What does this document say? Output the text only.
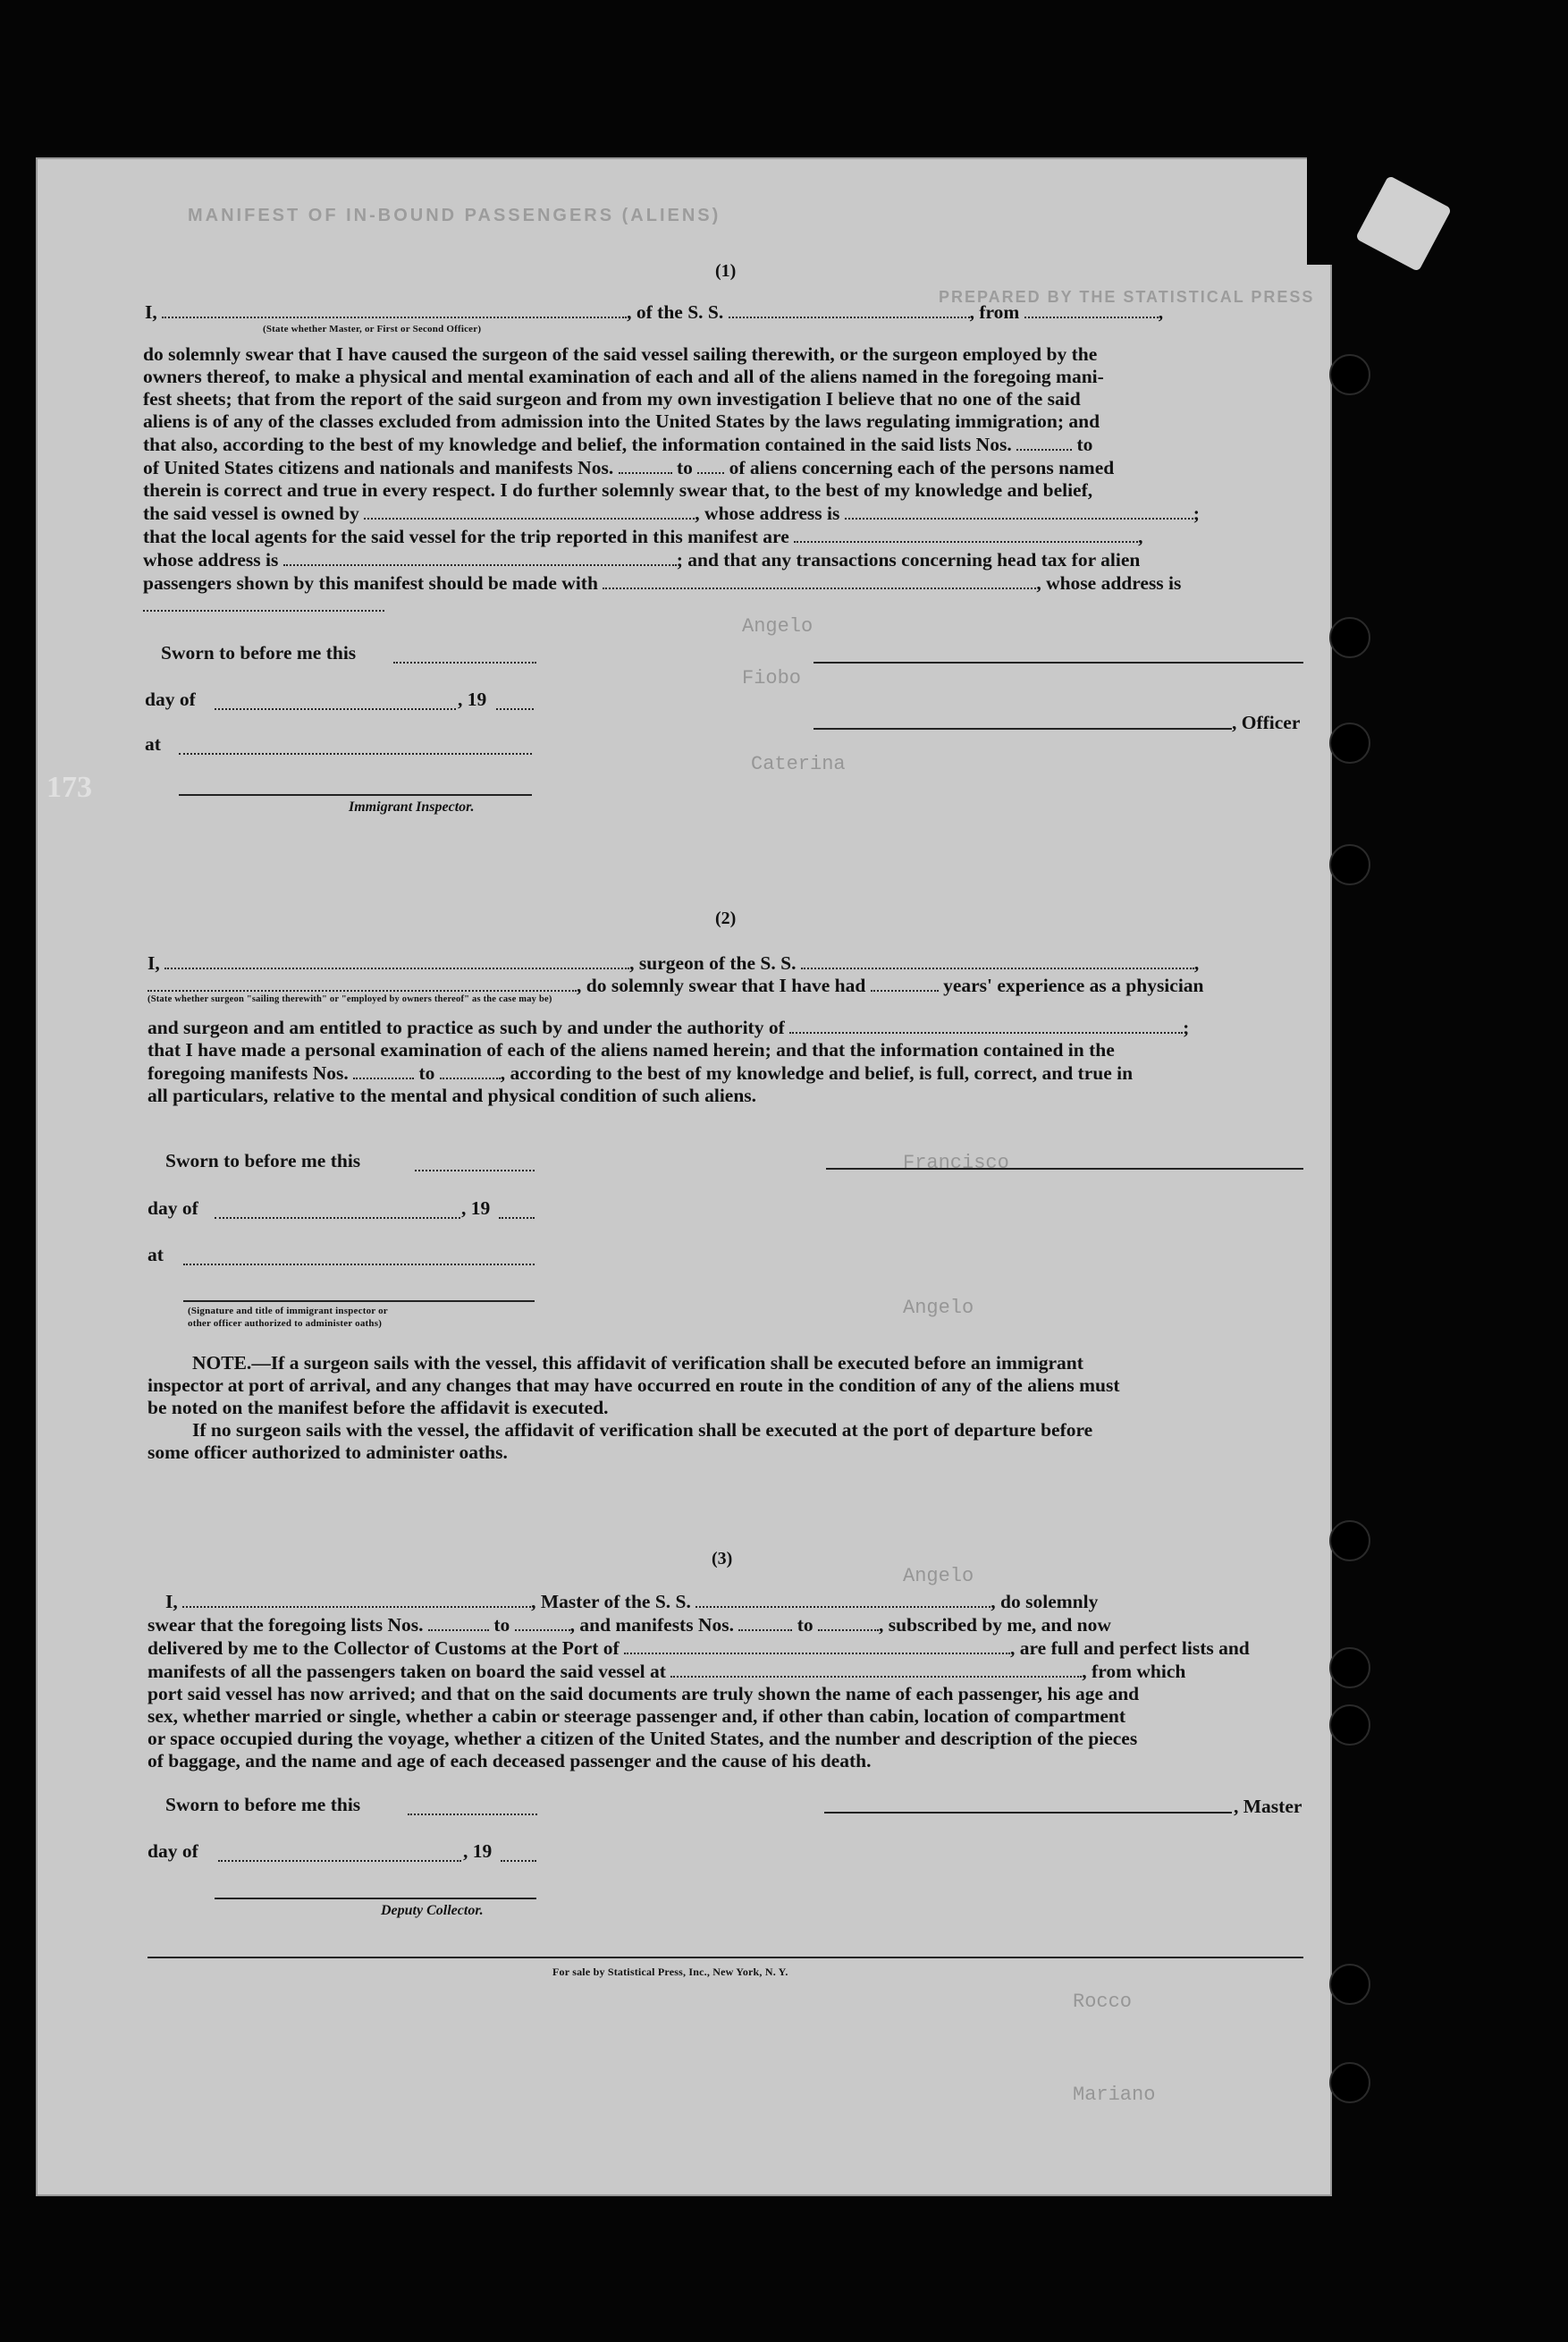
MANIFEST OF IN-BOUND PASSENGERS (ALIENS)
PREPARED BY THE STATISTICAL PRESS
173
Angelo
Fiobo
Caterina
Francisco
Angelo
Angelo
Rocco
Mariano
(1)
I,	, of the S. S.	, from	,
(State whether Master, or First or Second Officer)
do solemnly swear that I have caused the surgeon of the said vessel sailing therewith, or the surgeon employed by the
owners thereof, to make a physical and mental examination of each and all of the aliens named in the foregoing mani-
fest sheets; that from the report of the said surgeon and from my own investigation I believe that no one of the said
aliens is of any of the classes excluded from admission into the United States by the laws regulating immigration; and
that also, according to the best of my knowledge and belief, the information contained in the said lists Nos.	to
of United States citizens and nationals and manifests Nos.	to of aliens concerning each of the persons named
therein is correct and true in every respect. I do further solemnly swear that, to the best of my knowledge and belief,
the said vessel is owned by	, whose address is	;
that the local agents for the said vessel for the trip reported in this manifest are	,
whose address is	; and that any transactions concerning head tax for alien
passengers shown by this manifest should be made with	, whose address is
Sworn to before me this
day of	, 19
at
Immigrant Inspector.
, Officer
(2)
I,	, surgeon of the S. S.	,
, do solemnly swear that I have had	years' experience as a physician
(State whether surgeon "sailing therewith" or "employed by owners thereof" as the case may be)
and surgeon and am entitled to practice as such by and under the authority of	;
that I have made a personal examination of each of the aliens named herein; and that the information contained in the
foregoing manifests Nos.	to	, according to the best of my knowledge and belief, is full, correct, and true in
all particulars, relative to the mental and physical condition of such aliens.
Sworn to before me this
day of	, 19
at
(Signature and title of immigrant inspector or
other officer authorized to administer oaths)
NOTE.—If a surgeon sails with the vessel, this affidavit of verification shall be executed before an immigrant
inspector at port of arrival, and any changes that may have occurred en route in the condition of any of the aliens must
be noted on the manifest before the affidavit is executed.
If no surgeon sails with the vessel, the affidavit of verification shall be executed at the port of departure before
some officer authorized to administer oaths.
(3)
I,	, Master of the S. S.	, do solemnly
swear that the foregoing lists Nos.	to	, and manifests Nos.	to	, subscribed by me, and now
delivered by me to the Collector of Customs at the Port of	, are full and perfect lists and
manifests of all the passengers taken on board the said vessel at	, from which
port said vessel has now arrived; and that on the said documents are truly shown the name of each passenger, his age and
sex, whether married or single, whether a cabin or steerage passenger and, if other than cabin, location of compartment
or space occupied during the voyage, whether a citizen of the United States, and the number and description of the pieces
of baggage, and the name and age of each deceased passenger and the cause of his death.
Sworn to before me this	, Master
day of	, 19
Deputy Collector.
For sale by Statistical Press, Inc., New York, N. Y.
